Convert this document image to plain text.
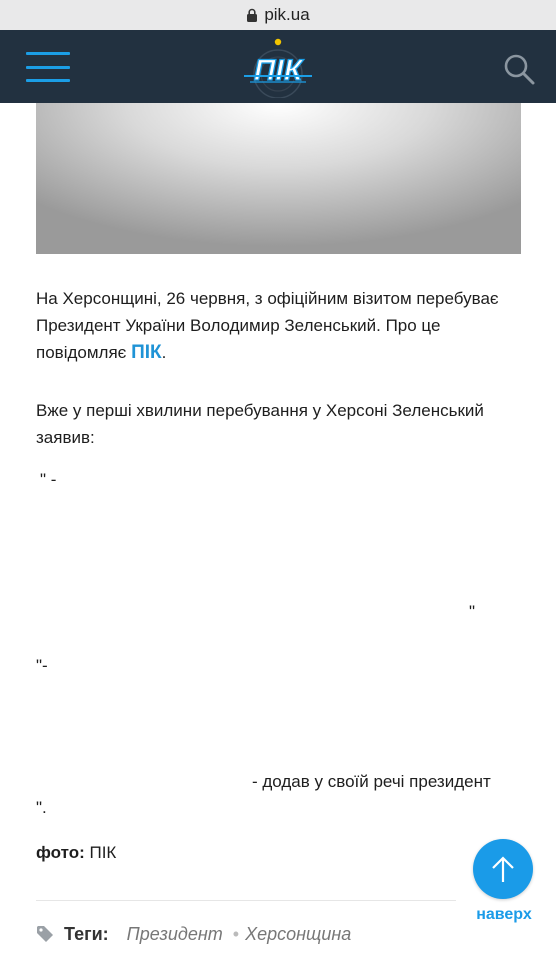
pik.ua
ПІК

На Херсонщині, 26 червня, з офіційним візитом перебуває Президент України Володимир Зеленський. Про це повідомляє ПІК.

Вже у перші хвилини перебування у Херсоні Зеленський заявив:

" -
"
"-
- додав у своїй речі президент
".
фото: ПІК
наверх
Теги: Президент • Херсонщина
